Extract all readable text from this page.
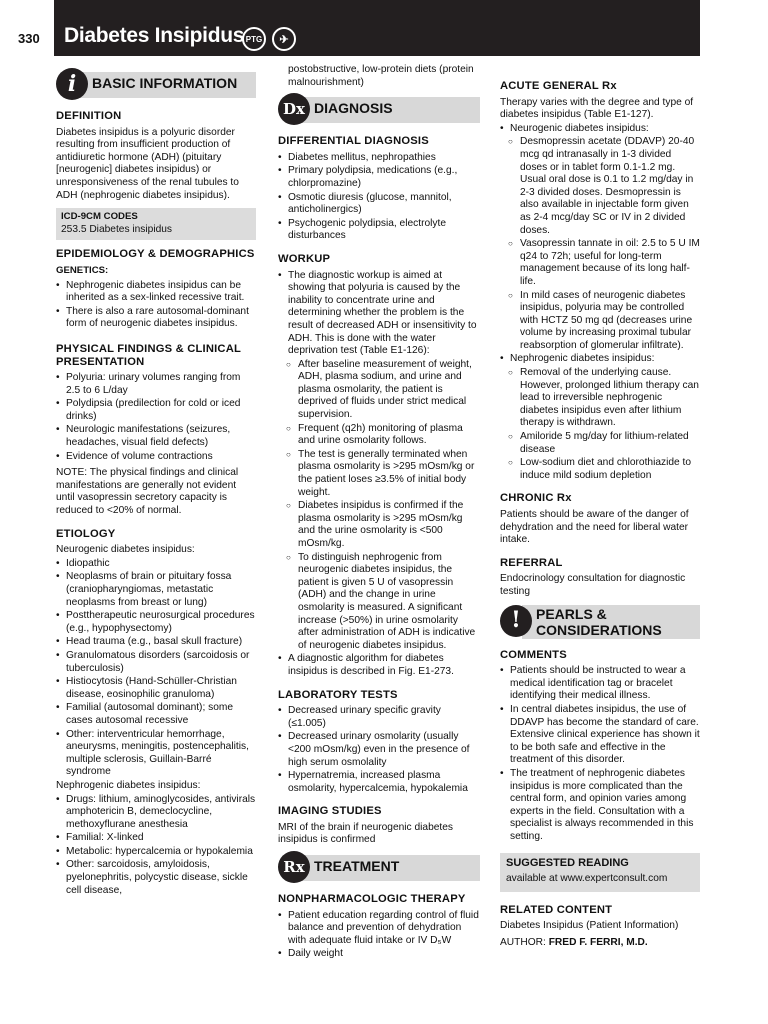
330 Diabetes Insipidus PTG	✈
i	BASIC INFORMATION
DEFINITION

Diabetes insipidus is a polyuric disorder resulting from insufficient production of antidiuretic hormone (ADH) (pituitary [neurogenic] diabetes insipidus) or unresponsiveness of the renal tubules to ADH (nephrogenic diabetes insipidus).

ICD-9CM CODES
253.5 Diabetes insipidus
EPIDEMIOLOGY & DEMOGRAPHICS
GENETICS:
• Nephrogenic diabetes insipidus can be inherited as a sex-linked recessive trait.
• There is also a rare autosomal-dominant form of neurogenic diabetes insipidus.
PHYSICAL FINDINGS & CLINICAL PRESENTATION
• Polyuria: urinary volumes ranging from 2.5 to 6 L/day
• Polydipsia (predilection for cold or iced drinks)
• Neurologic manifestations (seizures, headaches, visual field defects)
• Evidence of volume contractions

NOTE: The physical findings and clinical manifestations are generally not evident until vasopressin secretory capacity is reduced to <20% of normal.

ETIOLOGY

Neurogenic diabetes insipidus:

• Idiopathic
• Neoplasms of brain or pituitary fossa (craniopharyngiomas, metastatic neoplasms from breast or lung)
• Posttherapeutic neurosurgical procedures (e.g., hypophysectomy)
• Head trauma (e.g., basal skull fracture)
• Granulomatous disorders (sarcoidosis or tuberculosis)
• Histiocytosis (Hand-Schüller-Christian disease, eosinophilic granuloma)
• Familial (autosomal dominant); some cases autosomal recessive
• Other: interventricular hemorrhage, aneurysms, meningitis, postencephalitis, multiple sclerosis, Guillain-Barré syndrome

Nephrogenic diabetes insipidus:

• Drugs: lithium, aminoglycosides, antivirals amphotericin B, demeclocycline, methoxyflurane anesthesia
• Familial: X-linked
• Metabolic: hypercalcemia or hypokalemia
• Other: sarcoidosis, amyloidosis, pyelonephritis, polycystic disease, sickle cell disease,

postobstructive, low-protein diets (protein malnourishment)

Dx DIAGNOSIS
DIFFERENTIAL DIAGNOSIS
• Diabetes mellitus, nephropathies
• Primary polydipsia, medications (e.g., chlorpromazine)
• Osmotic diuresis (glucose, mannitol, anticholinergics)
• Psychogenic polydipsia, electrolyte disturbances
WORKUP
• The diagnostic workup is aimed at showing that polyuria is caused by the inability to concentrate urine and determining whether the problem is the result of decreased ADH or insensitivity to ADH. This is done with the water deprivation test (Table E1-126):
○ After baseline measurement of weight, ADH, plasma sodium, and urine and plasma osmolarity, the patient is deprived of fluids under strict medical supervision.
○ Frequent (q2h) monitoring of plasma and urine osmolarity follows.
○ The test is generally terminated when plasma osmolarity is >295 mOsm/kg or the patient loses ≥3.5% of initial body weight.
○ Diabetes insipidus is confirmed if the plasma osmolarity is >295 mOsm/kg and the urine osmolarity is <500 mOsm/kg.
○ To distinguish nephrogenic from neurogenic diabetes insipidus, the patient is given 5 U of vasopressin (ADH) and the change in urine osmolarity is measured. A significant increase (>50%) in urine osmolarity after administration of ADH is indicative of neurogenic diabetes insipidus.
• A diagnostic algorithm for diabetes insipidus is described in Fig. E1-273.
LABORATORY TESTS
• Decreased urinary specific gravity (≤1.005)
• Decreased urinary osmolarity (usually <200 mOsm/kg) even in the presence of high serum osmolality
• Hypernatremia, increased plasma osmolarity, hypercalcemia, hypokalemia
IMAGING STUDIES

MRI of the brain if neurogenic diabetes insipidus is confirmed

Rx TREATMENT
NONPHARMACOLOGIC THERAPY
• Patient education regarding control of fluid balance and prevention of dehydration with adequate fluid intake or IV D₅W
• Daily weight
ACUTE GENERAL Rx

Therapy varies with the degree and type of diabetes insipidus (Table E1-127).

• Neurogenic diabetes insipidus:
○ Desmopressin acetate (DDAVP) 20-40 mcg qd intranasally in 1-3 divided doses or in tablet form 0.1-1.2 mg. Usual oral dose is 0.1 to 1.2 mg/day in 2-3 divided doses. Desmopressin is also available in injectable form given as 2-4 mcg/day SC or IV in 2 divided doses.
○ Vasopressin tannate in oil: 2.5 to 5 U IM q24 to 72h; useful for long-term management because of its long half-life.
○ In mild cases of neurogenic diabetes insipidus, polyuria may be controlled with HCTZ 50 mg qd (decreases urine volume by increasing proximal tubular reabsorption of glomerular infiltrate).
• Nephrogenic diabetes insipidus:
○ Removal of the underlying cause. However, prolonged lithium therapy can lead to irreversible nephrogenic diabetes insipidus even after lithium therapy is withdrawn.
○ Amiloride 5 mg/day for lithium-related disease
○ Low-sodium diet and chlorothiazide to induce mild sodium depletion
CHRONIC Rx

Patients should be aware of the danger of dehydration and the need for liberal water intake.

REFERRAL

Endocrinology consultation for diagnostic testing

!	PEARLS &
CONSIDERATIONS
COMMENTS
• Patients should be instructed to wear a medical identification tag or bracelet identifying their medical illness.
• In central diabetes insipidus, the use of DDAVP has become the standard of care. Extensive clinical experience has shown it to be both safe and effective in the treatment of this disorder.
• The treatment of nephrogenic diabetes insipidus is more complicated than the central form, and opinion varies among experts in the field. Consultation with a specialist is always recommended in this setting.
SUGGESTED READING
available at www.expertconsult.com
RELATED CONTENT

Diabetes Insipidus (Patient Information)

AUTHOR: FRED F. FERRI, M.D.
